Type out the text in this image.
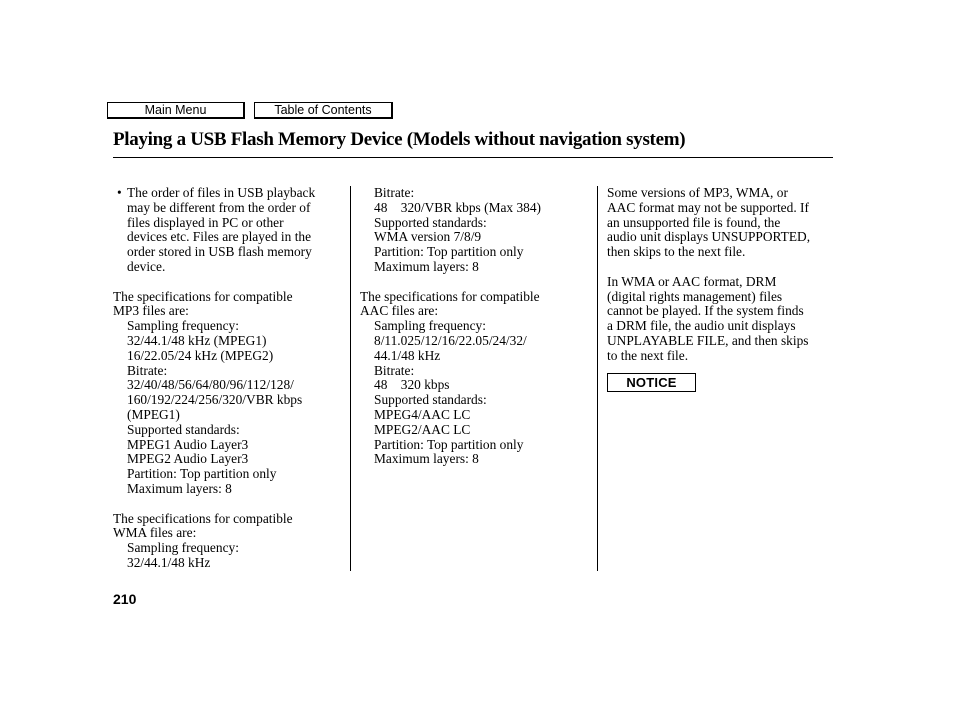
Main Menu	Table of Contents
Playing a USB Flash Memory Device (Models without navigation system)
• The order of files in USB playback
may be different from the order of
files displayed in PC or other
devices etc. Files are played in the
order stored in USB flash memory
device.
The specifications for compatible
MP3 files are:
Sampling frequency:
32/44.1/48 kHz (MPEG1)
16/22.05/24 kHz (MPEG2)
Bitrate:
32/40/48/56/64/80/96/112/128/
160/192/224/256/320/VBR kbps
(MPEG1)
Supported standards:
MPEG1 Audio Layer3
MPEG2 Audio Layer3
Partition: Top partition only
Maximum layers: 8
The specifications for compatible
WMA files are:
Sampling frequency:
32/44.1/48 kHz
Bitrate:
48    320/VBR kbps (Max 384)
Supported standards:
WMA version 7/8/9
Partition: Top partition only
Maximum layers: 8
The specifications for compatible
AAC files are:
Sampling frequency:
8/11.025/12/16/22.05/24/32/
44.1/48 kHz
Bitrate:
48    320 kbps
Supported standards:
MPEG4/AAC LC
MPEG2/AAC LC
Partition: Top partition only
Maximum layers: 8
Some versions of MP3, WMA, or
AAC format may not be supported. If
an unsupported file is found, the
audio unit displays UNSUPPORTED,
then skips to the next file.
In WMA or AAC format, DRM
(digital rights management) files
cannot be played. If the system finds
a DRM file, the audio unit displays
UNPLAYABLE FILE, and then skips
to the next file.
NOTICE
210
